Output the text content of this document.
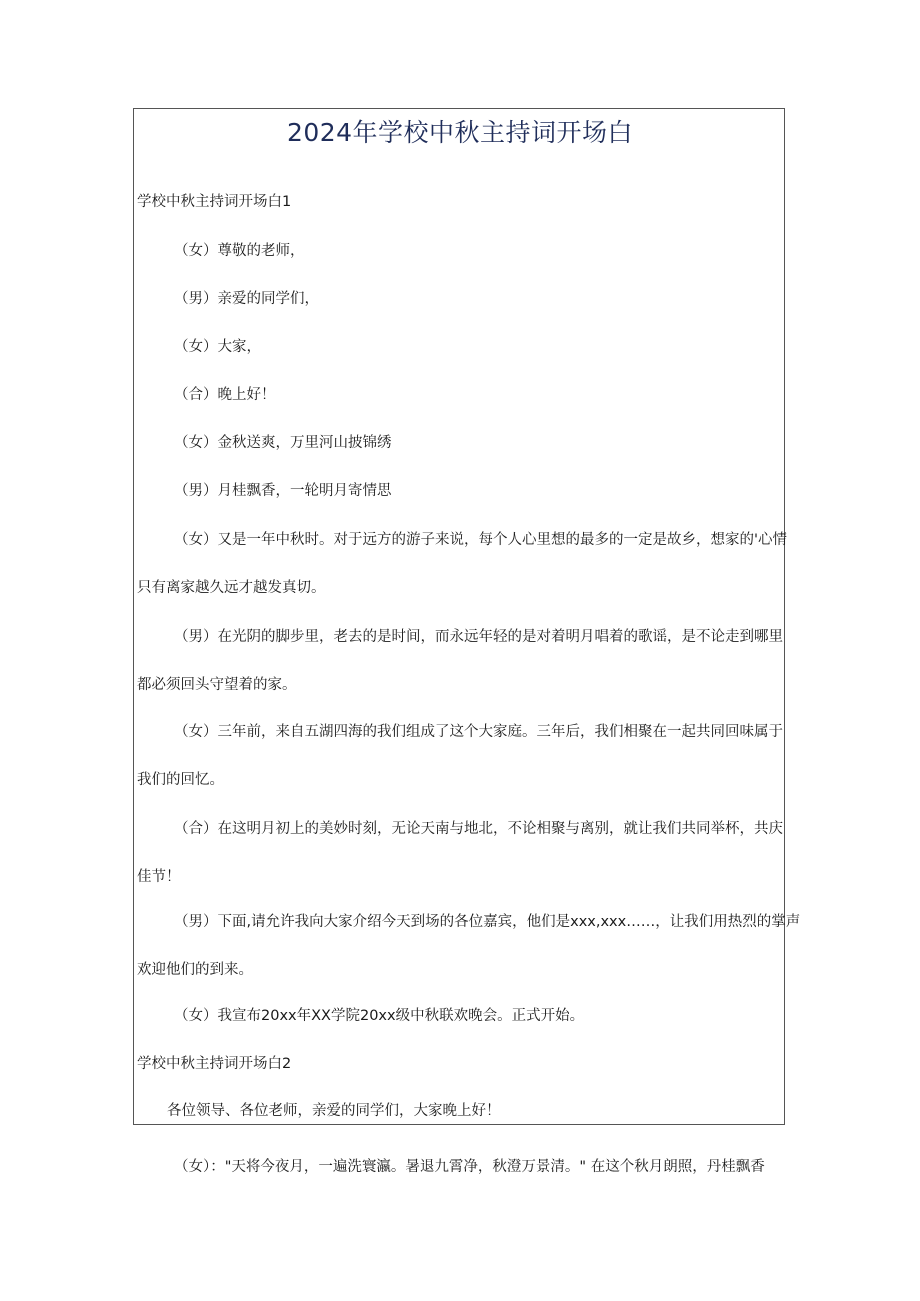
2024年学校中秋主持词开场白
学校中秋主持词开场白1
（女）尊敬的老师，
（男）亲爱的同学们，
（女）大家，
（合）晚上好！
（女）金秋送爽，万里河山披锦绣
（男）月桂飘香，一轮明月寄情思
（女）又是一年中秋时。对于远方的游子来说，每个人心里想的最多的一定是故乡，想家的'心情
只有离家越久远才越发真切。
（男）在光阴的脚步里，老去的是时间，而永远年轻的是对着明月唱着的歌谣，是不论走到哪里
都必须回头守望着的家。
（女）三年前，来自五湖四海的我们组成了这个大家庭。三年后，我们相聚在一起共同回味属于
我们的回忆。
（合）在这明月初上的美妙时刻，无论天南与地北，不论相聚与离别，就让我们共同举杯，共庆
佳节！
（男）下面,请允许我向大家介绍今天到场的各位嘉宾，他们是xxx,xxx……，让我们用热烈的掌声
欢迎他们的到来。
（女）我宣布20xx年XX学院20xx级中秋联欢晚会。正式开始。
学校中秋主持词开场白2
各位领导、各位老师，亲爱的同学们，大家晚上好！
（女）："天将今夜月，一遍洗寰瀛。暑退九霄净，秋澄万景清。" 在这个秋月朗照，丹桂飘香
